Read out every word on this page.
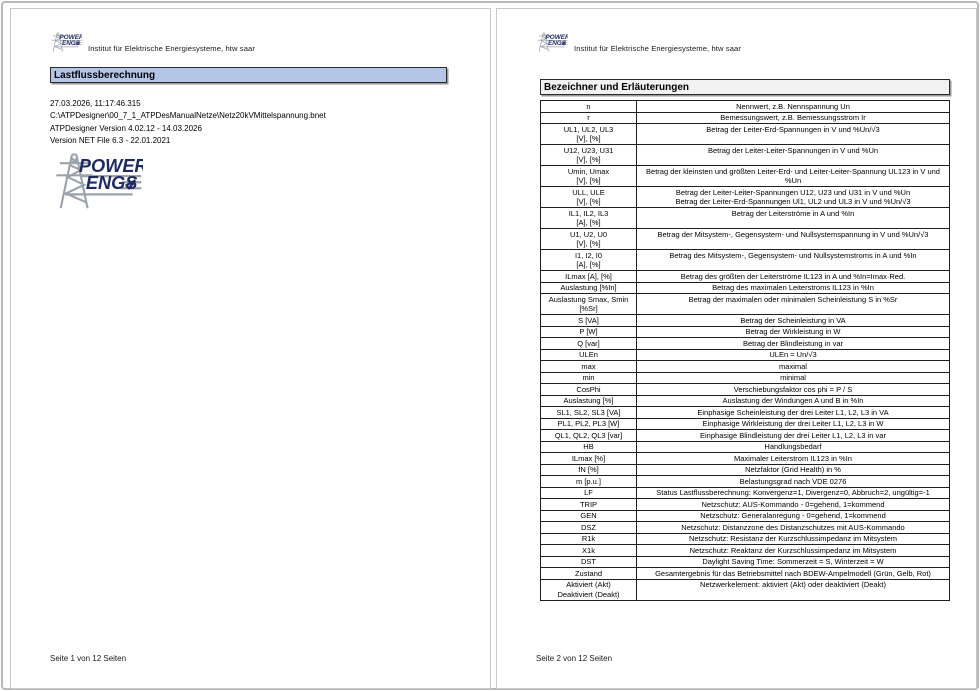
Institut für Elektrische Energiesysteme, htw saar
Lastflussberechnung
27.03.2026, 11:17:46.315
C:\ATPDesigner\00_7_1_ATPDesManualNetze\Netz20kVMittelspannung.bnet
ATPDesigner Version 4.02.12 - 14.03.2026
Version NET File 6.3 - 22.01.2021
Seite 1 von 12 Seiten
Institut für Elektrische Energiesysteme, htw saar
Bezeichner und Erläuterungen
n	Nennwert, z.B. Nennspannung Un
r	Bemessungswert, z.B. Bemessungsstrom Ir
UL1, UL2, UL3
[V], [%]	Betrag der Leiter-Erd-Spannungen in V und %Un/√3
U12, U23, U31
[V], [%]	Betrag der Leiter-Leiter-Spannungen in V und %Un
Umin, Umax
[V], [%]	Betrag der kleinsten und größten Leiter-Erd- und Leiter-Leiter-Spannung UL123 in V und %Un
ULL, ULE
[V], [%]	Betrag der Leiter-Leiter-Spannungen U12, U23 und U31 in V und %Un
Betrag der Leiter-Erd-Spannungen Ul1, UL2 und UL3 in V und %Un/√3
IL1, IL2, IL3
[A], [%]	Betrag der Leiterströme in A und %In
U1, U2, U0
[V], [%]	Betrag der Mitsystem-, Gegensystem- und Nullsystemspannung in V und %Un/√3
I1, I2, I0
[A], [%]	Betrag des Mitsystem-, Gegensystem- und Nullsystemstroms in A und %In
ILmax [A], [%]	Betrag des größten der Leiterströme IL123 in A und %In=Imax·Red.
Auslastung [%In]	Betrag des maximalen Leiterstroms IL123 in %In
Auslastung Smax, Smin
[%Sr]	Betrag der maximalen oder minimalen Scheinleistung S in %Sr
S [VA]	Betrag der Scheinleistung in VA
P [W]	Betrag der Wirkleistung in W
Q [var]	Betrag der Blindleistung in var
ULEn	ULEn = Un/√3
max	maximal
min	minimal
CosPhi	Verschiebungsfaktor cos phi = P / S
Auslastung [%]	Auslastung der Windungen A und B in %In
SL1, SL2, SL3 [VA]	Einphasige Scheinleistung der drei Leiter L1, L2, L3 in VA
PL1, PL2, PL3 [W]	Einphasige Wirkleistung der drei Leiter L1, L2, L3 in W
QL1, QL2, QL3 [var]	Einphasige Blindleistung der drei Leiter L1, L2, L3 in var
HB	Handlungsbedarf
ILmax [%]	Maximaler Leiterstrom IL123 in %In
fN [%]	Netzfaktor (Grid Health) in %
m [p.u.]	Belastungsgrad nach VDE 0276
LF	Status Lastflussberechnung: Konvergenz=1, Divergenz=0, Abbruch=2, ungültig=-1
TRIP	Netzschutz: AUS-Kommando - 0=gehend, 1=kommend
GEN	Netzschutz: Generalanregung - 0=gehend, 1=kommend
DSZ	Netzschutz: Distanzzone des Distanzschutzes mit AUS-Kommando
R1k	Netzschutz: Resistanz der Kurzschlussimpedanz im Mitsystem
X1k	Netzschutz: Reaktanz der Kurzschlussimpedanz im Mitsystem
DST	Daylight Saving Time: Sommerzeit = S, Winterzeit = W
Zustand	Gesamtergebnis für das Betriebsmittel nach BDEW-Ampelmodell (Grün, Gelb, Rot)
Aktiviert (Akt)
Deaktiviert (Deakt)	Netzwerkelement: aktiviert (Akt) oder deaktiviert (Deakt)
Seite 2 von 12 Seiten
